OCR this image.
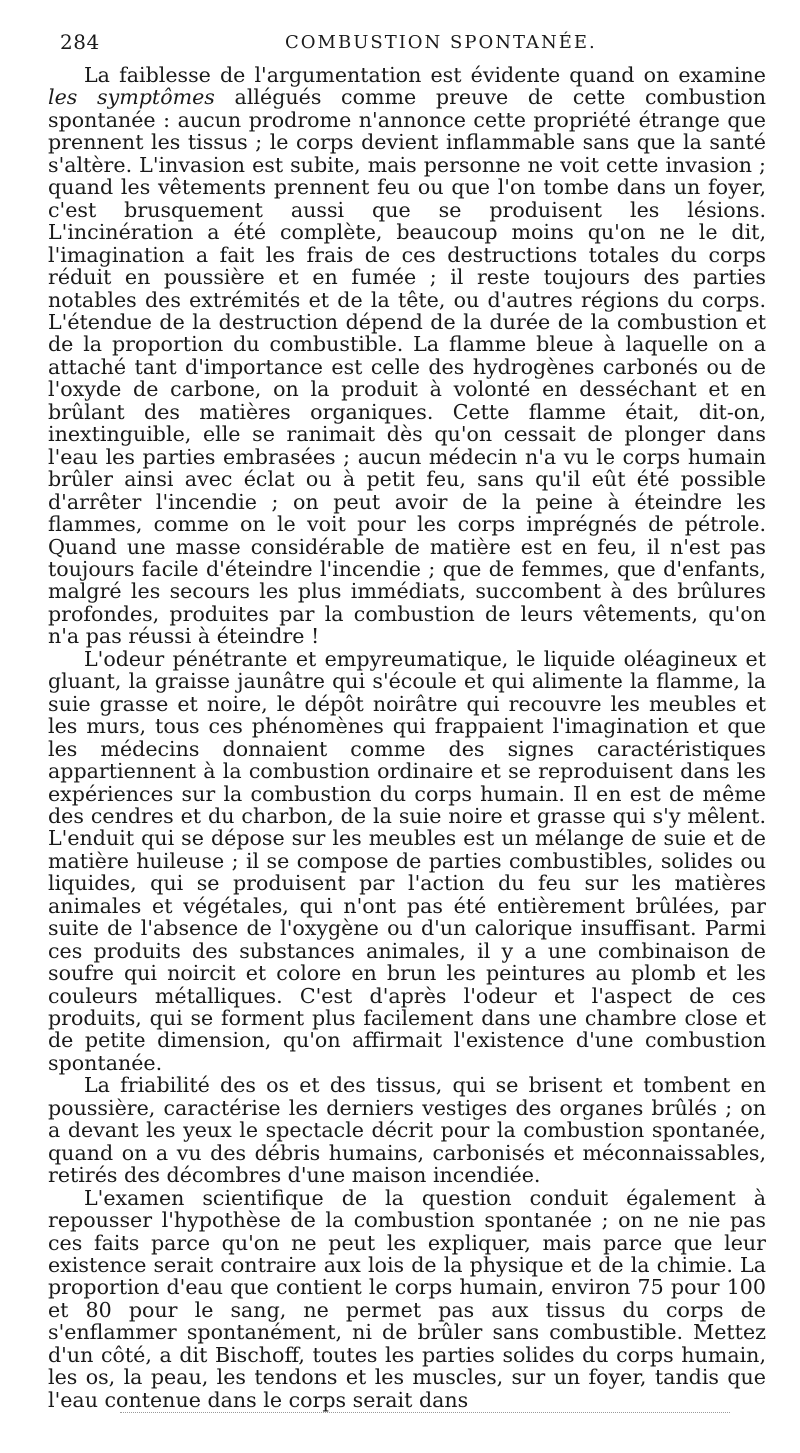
284	COMBUSTION SPONTANÉE.

La faiblesse de l'argumentation est évidente quand on examine les symptômes allégués comme preuve de cette combustion spontanée : aucun prodrome n'annonce cette propriété étrange que prennent les tissus ; le corps devient inflammable sans que la santé s'altère. L'invasion est subite, mais personne ne voit cette invasion ; quand les vêtements prennent feu ou que l'on tombe dans un foyer, c'est brusquement aussi que se produisent les lésions. L'incinération a été complète, beaucoup moins qu'on ne le dit, l'imagination a fait les frais de ces destructions totales du corps réduit en poussière et en fumée ; il reste toujours des parties notables des extrémités et de la tête, ou d'autres régions du corps. L'étendue de la destruction dépend de la durée de la combustion et de la proportion du combustible. La flamme bleue à laquelle on a attaché tant d'importance est celle des hydrogènes carbonés ou de l'oxyde de carbone, on la produit à volonté en desséchant et en brûlant des matières organiques. Cette flamme était, dit-on, inextinguible, elle se ranimait dès qu'on cessait de plonger dans l'eau les parties embrasées ; aucun médecin n'a vu le corps humain brûler ainsi avec éclat ou à petit feu, sans qu'il eût été possible d'arrêter l'incendie ; on peut avoir de la peine à éteindre les flammes, comme on le voit pour les corps imprégnés de pétrole. Quand une masse considérable de matière est en feu, il n'est pas toujours facile d'éteindre l'incendie ; que de femmes, que d'enfants, malgré les secours les plus immédiats, succombent à des brûlures profondes, produites par la combustion de leurs vêtements, qu'on n'a pas réussi à éteindre !

L'odeur pénétrante et empyreumatique, le liquide oléagineux et gluant, la graisse jaunâtre qui s'écoule et qui alimente la flamme, la suie grasse et noire, le dépôt noirâtre qui recouvre les meubles et les murs, tous ces phénomènes qui frappaient l'imagination et que les médecins donnaient comme des signes caractéristiques appartiennent à la combustion ordinaire et se reproduisent dans les expériences sur la combustion du corps humain. Il en est de même des cendres et du charbon, de la suie noire et grasse qui s'y mêlent. L'enduit qui se dépose sur les meubles est un mélange de suie et de matière huileuse ; il se compose de parties combustibles, solides ou liquides, qui se produisent par l'action du feu sur les matières animales et végétales, qui n'ont pas été entièrement brûlées, par suite de l'absence de l'oxygène ou d'un calorique insuffisant. Parmi ces produits des substances animales, il y a une combinaison de soufre qui noircit et colore en brun les peintures au plomb et les couleurs métalliques. C'est d'après l'odeur et l'aspect de ces produits, qui se forment plus facilement dans une chambre close et de petite dimension, qu'on affirmait l'existence d'une combustion spontanée.

La friabilité des os et des tissus, qui se brisent et tombent en poussière, caractérise les derniers vestiges des organes brûlés ; on a devant les yeux le spectacle décrit pour la combustion spontanée, quand on a vu des débris humains, carbonisés et méconnaissables, retirés des décombres d'une maison incendiée.

L'examen scientifique de la question conduit également à repousser l'hypothèse de la combustion spontanée ; on ne nie pas ces faits parce qu'on ne peut les expliquer, mais parce que leur existence serait contraire aux lois de la physique et de la chimie. La proportion d'eau que contient le corps humain, environ 75 pour 100 et 80 pour le sang, ne permet pas aux tissus du corps de s'enflammer spontanément, ni de brûler sans combustible. Mettez d'un côté, a dit Bischoff, toutes les parties solides du corps humain, les os, la peau, les tendons et les muscles, sur un foyer, tandis que l'eau contenue dans le corps serait dans
